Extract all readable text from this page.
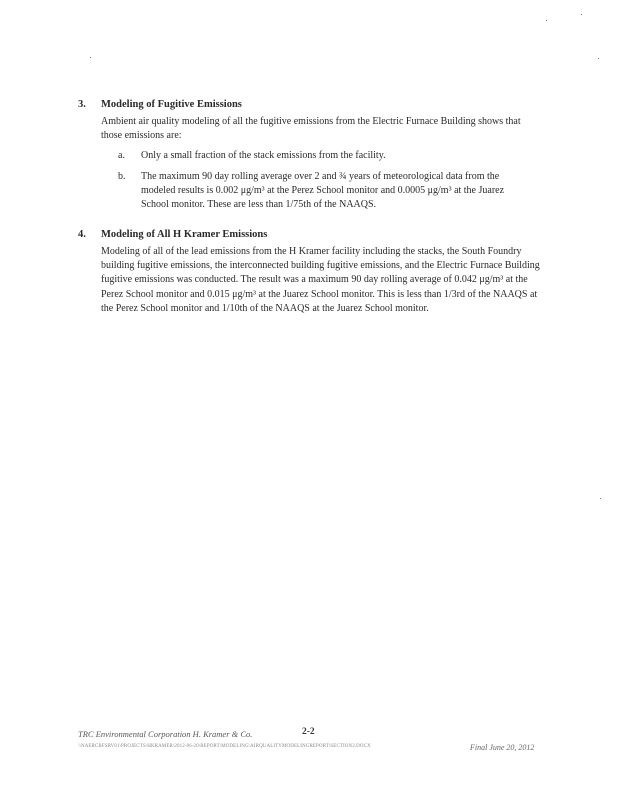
3. Modeling of Fugitive Emissions
Ambient air quality modeling of all the fugitive emissions from the Electric Furnace Building shows that those emissions are:
a. Only a small fraction of the stack emissions from the facility.
b. The maximum 90 day rolling average over 2 and ¾ years of meteorological data from the modeled results is 0.002 μg/m³ at the Perez School monitor and 0.0005 μg/m³ at the Juarez School monitor. These are less than 1/75th of the NAAQS.
4. Modeling of All H Kramer Emissions
Modeling of all of the lead emissions from the H Kramer facility including the stacks, the South Foundry building fugitive emissions, the interconnected building fugitive emissions, and the Electric Furnace Building fugitive emissions was conducted. The result was a maximum 90 day rolling average of 0.042 μg/m³ at the Perez School monitor and 0.015 μg/m³ at the Juarez School monitor. This is less than 1/3rd of the NAAQS at the Perez School monitor and 1/10th of the NAAQS at the Juarez School monitor.
TRC Environmental Corporation H. Kramer & Co.	2-2
\\NAERCBFSRV01\PROJECTS\HKRAMER\2012-06-20\REPORT\MODELING\AIRQUALITYMODELINGREPORT\SECTION2.DOCX	Final June 20, 2012
